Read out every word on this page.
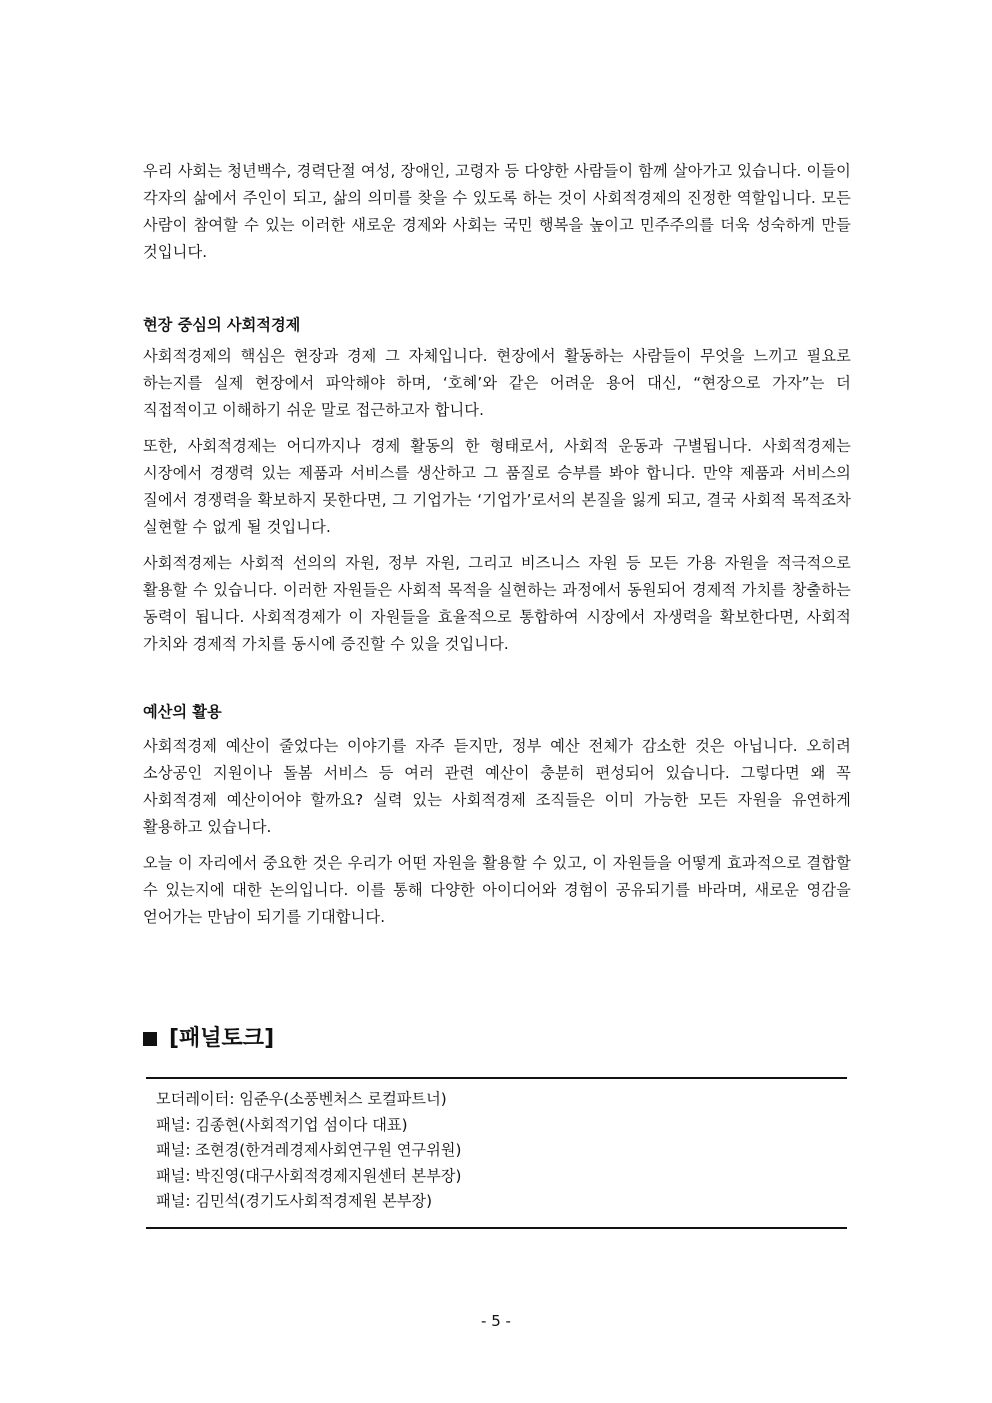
우리 사회는 청년백수, 경력단절 여성, 장애인, 고령자 등 다양한 사람들이 함께 살아가고 있습니다. 이들이 각자의 삶에서 주인이 되고, 삶의 의미를 찾을 수 있도록 하는 것이 사회적경제의 진정한 역할입니다. 모든 사람이 참여할 수 있는 이러한 새로운 경제와 사회는 국민 행복을 높이고 민주주의를 더욱 성숙하게 만들 것입니다.

현장 중심의 사회적경제

사회적경제의 핵심은 현장과 경제 그 자체입니다. 현장에서 활동하는 사람들이 무엇을 느끼고 필요로 하는지를 실제 현장에서 파악해야 하며, ‘호혜’와 같은 어려운 용어 대신, “현장으로 가자”는 더 직접적이고 이해하기 쉬운 말로 접근하고자 합니다.

또한, 사회적경제는 어디까지나 경제 활동의 한 형태로서, 사회적 운동과 구별됩니다. 사회적경제는 시장에서 경쟁력 있는 제품과 서비스를 생산하고 그 품질로 승부를 봐야 합니다. 만약 제품과 서비스의 질에서 경쟁력을 확보하지 못한다면, 그 기업가는 ‘기업가’로서의 본질을 잃게 되고, 결국 사회적 목적조차 실현할 수 없게 될 것입니다.

사회적경제는 사회적 선의의 자원, 정부 자원, 그리고 비즈니스 자원 등 모든 가용 자원을 적극적으로 활용할 수 있습니다. 이러한 자원들은 사회적 목적을 실현하는 과정에서 동원되어 경제적 가치를 창출하는 동력이 됩니다. 사회적경제가 이 자원들을 효율적으로 통합하여 시장에서 자생력을 확보한다면, 사회적 가치와 경제적 가치를 동시에 증진할 수 있을 것입니다.

예산의 활용

사회적경제 예산이 줄었다는 이야기를 자주 듣지만, 정부 예산 전체가 감소한 것은 아닙니다. 오히려 소상공인 지원이나 돌봄 서비스 등 여러 관련 예산이 충분히 편성되어 있습니다. 그렇다면 왜 꼭 사회적경제 예산이어야 할까요? 실력 있는 사회적경제 조직들은 이미 가능한 모든 자원을 유연하게 활용하고 있습니다.

오늘 이 자리에서 중요한 것은 우리가 어떤 자원을 활용할 수 있고, 이 자원들을 어떻게 효과적으로 결합할 수 있는지에 대한 논의입니다. 이를 통해 다양한 아이디어와 경험이 공유되기를 바라며, 새로운 영감을 얻어가는 만남이 되기를 기대합니다.

[패널토크]
모더레이터: 임준우(소풍벤처스 로컬파트너)
패널: 김종현(사회적기업 섬이다 대표)
패널: 조현경(한겨레경제사회연구원 연구위원)
패널: 박진영(대구사회적경제지원센터 본부장)
패널: 김민석(경기도사회적경제원 본부장)
- 5 -
